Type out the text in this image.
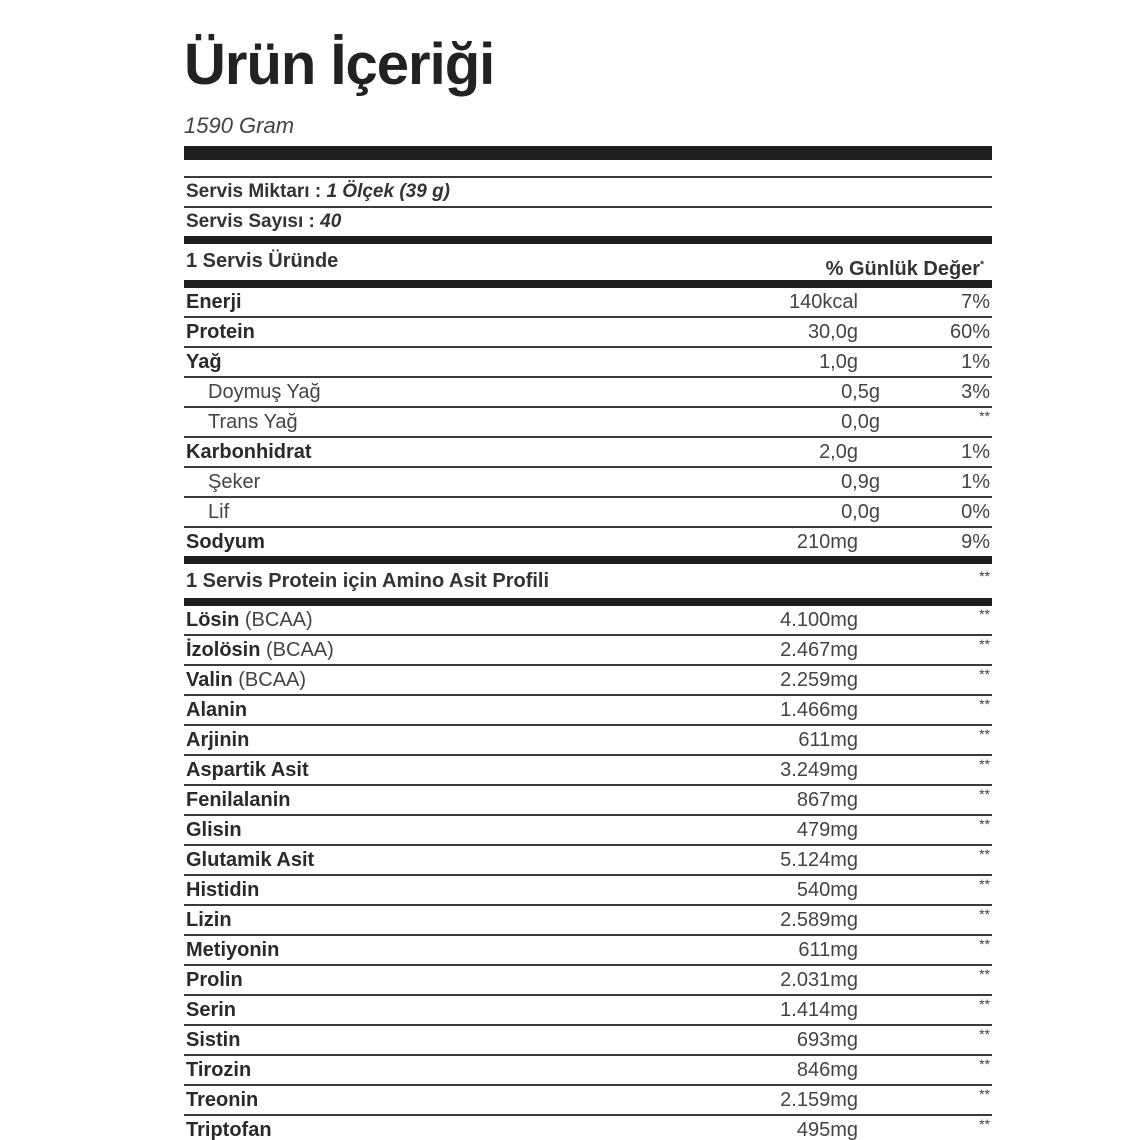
Ürün İçeriği
1590 Gram
Servis Miktarı : 1 Ölçek (39 g)
Servis Sayısı : 40
1 Servis Üründe	% Günlük Değer*
Enerji	140kcal	7%
Protein	30,0g	60%
Yağ	1,0g	1%
Doymuş Yağ	0,5g	3%
Trans Yağ	0,0g	**
Karbonhidrat	2,0g	1%
Şeker	0,9g	1%
Lif	0,0g	0%
Sodyum	210mg	9%
1 Servis Protein için Amino Asit Profili	**
Lösin (BCAA)	4.100mg	**
İzolösin (BCAA)	2.467mg	**
Valin (BCAA)	2.259mg	**
Alanin	1.466mg	**
Arjinin	611mg	**
Aspartik Asit	3.249mg	**
Fenilalanin	867mg	**
Glisin	479mg	**
Glutamik Asit	5.124mg	**
Histidin	540mg	**
Lizin	2.589mg	**
Metiyonin	611mg	**
Prolin	2.031mg	**
Serin	1.414mg	**
Sistin	693mg	**
Tirozin	846mg	**
Treonin	2.159mg	**
Triptofan	495mg	**
